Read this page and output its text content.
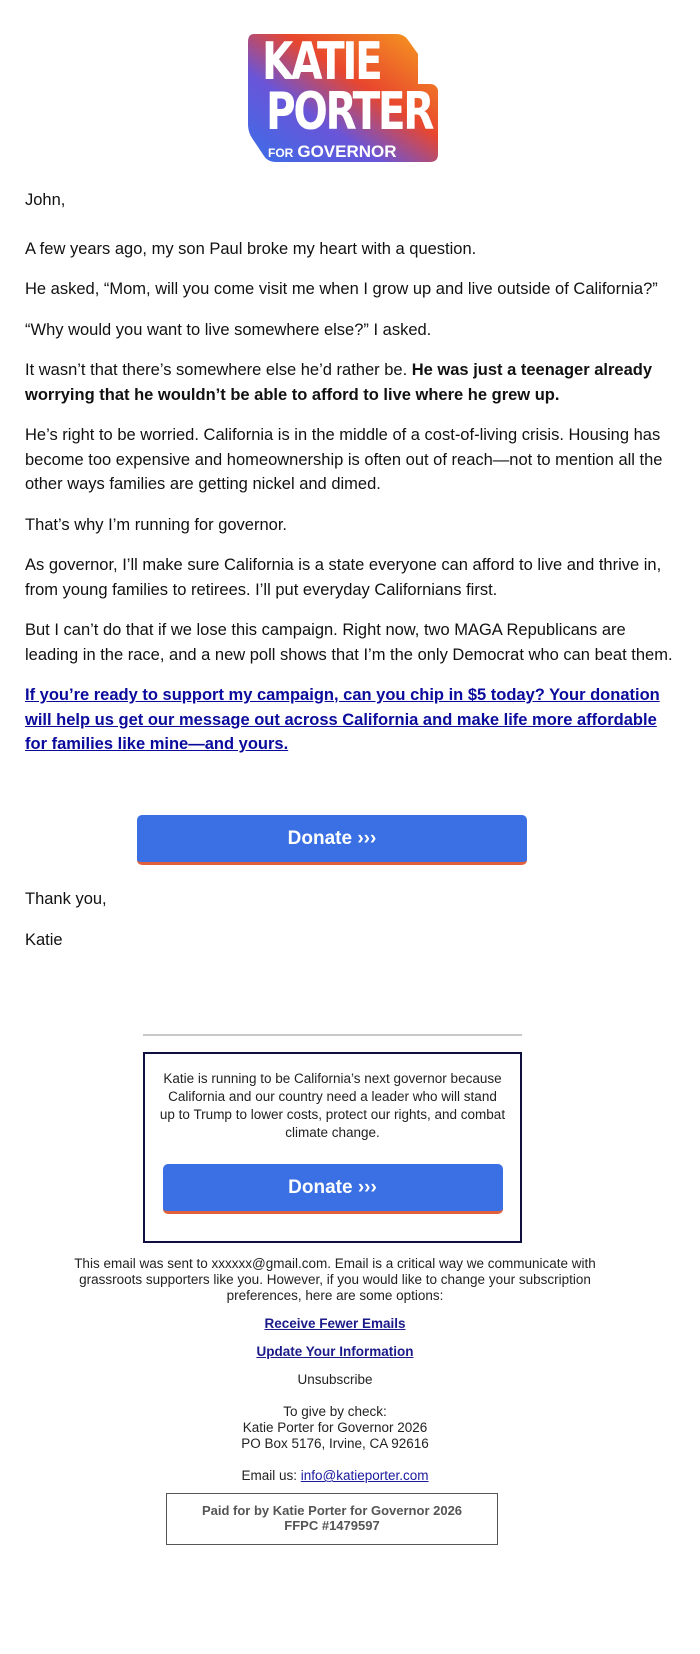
KATIE
PORTER
FOR GOVERNOR

John,

A few years ago, my son Paul broke my heart with a question.

He asked, “Mom, will you come visit me when I grow up and live outside of California?”

“Why would you want to live somewhere else?” I asked.

It wasn’t that there’s somewhere else he’d rather be. He was just a teenager already worrying that he wouldn’t be able to afford to live where he grew up.

He’s right to be worried. California is in the middle of a cost-of-living crisis. Housing has become too expensive and homeownership is often out of reach—not to mention all the other ways families are getting nickel and dimed.

That’s why I’m running for governor.

As governor, I’ll make sure California is a state everyone can afford to live and thrive in, from young families to retirees. I’ll put everyday Californians first.

But I can’t do that if we lose this campaign. Right now, two MAGA Republicans are leading in the race, and a new poll shows that I’m the only Democrat who can beat them.

If you’re ready to support my campaign, can you chip in $5 today? Your donation will help us get our message out across California and make life more affordable for families like mine—and yours.

Donate ›››
Thank you,
Katie
Katie is running to be California’s next governor because California and our country need a leader who will stand up to Trump to lower costs, protect our rights, and combat climate change.
Donate ›››

This email was sent to xxxxxx@gmail.com. Email is a critical way we communicate with grassroots supporters like you. However, if you would like to change your subscription preferences, here are some options:

Receive Fewer Emails

Update Your Information

Unsubscribe

To give by check:
Katie Porter for Governor 2026
PO Box 5176, Irvine, CA 92616

Email us: info@katieporter.com

Paid for by Katie Porter for Governor 2026
FFPC #1479597
